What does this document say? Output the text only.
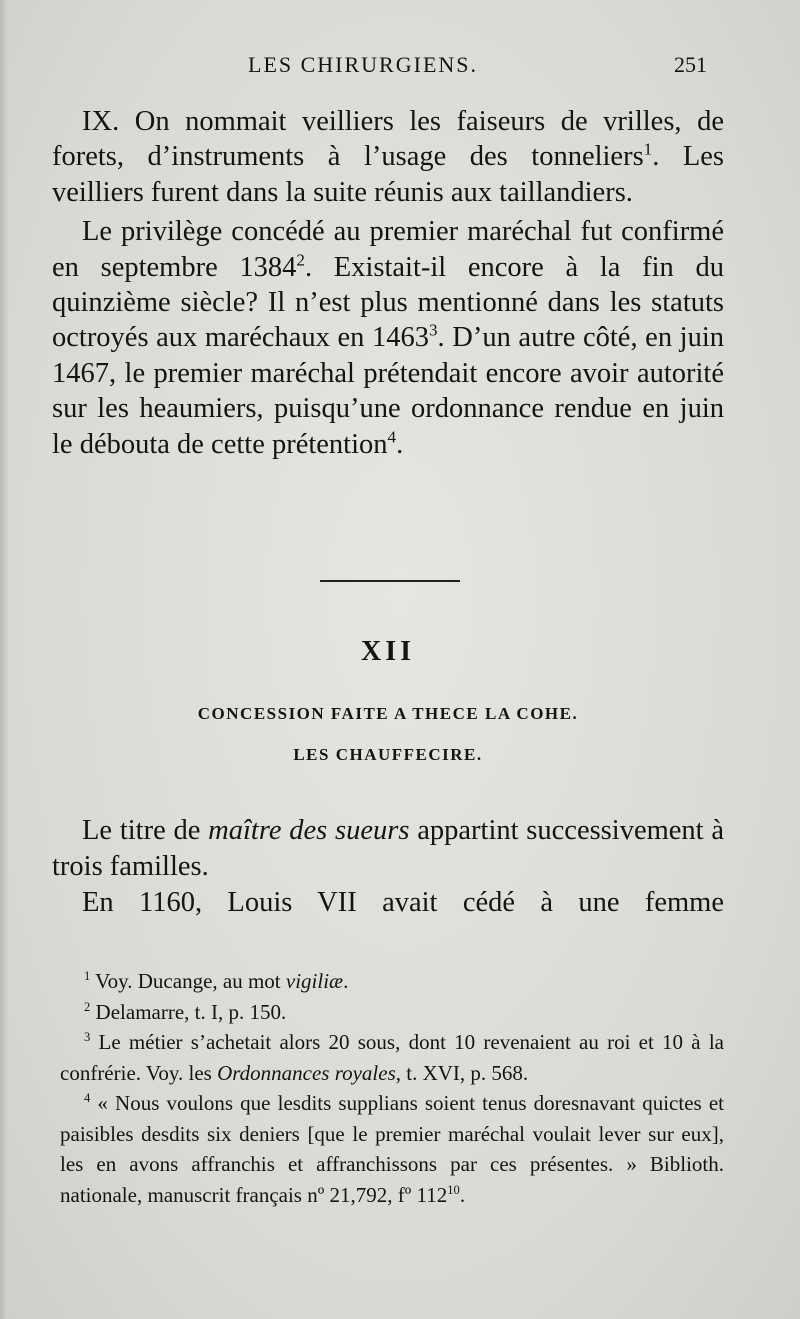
LES CHIRURGIENS.	251

IX. On nommait veilliers les faiseurs de vrilles, de forets, d’instruments à l’usage des tonneliers$^1$. Les veilliers furent dans la suite réunis aux taillandiers.

Le privilège concédé au premier maréchal fut confirmé en septembre 1384$^2$. Existait-il encore à la fin du quinzième siècle? Il n’est plus mentionné dans les statuts octroyés aux maréchaux en 1463$^3$. D’un autre côté, en juin 1467, le premier maréchal prétendait encore avoir autorité sur les heaumiers, puisqu’une ordonnance rendue en juin le débouta de cette prétention$^4$.

XII
CONCESSION FAITE A THECE LA COHE.
LES CHAUFFECIRE.

Le titre de maître des sueurs appartint successivement à trois familles.

En 1160, Louis VII avait cédé à une femme

$^1$ Voy. Ducange, au mot vigiliæ.

$^2$ Delamarre, t. I, p. 150.

$^3$ Le métier s’achetait alors 20 sous, dont 10 revenaient au roi et 10 à la confrérie. Voy. les Ordonnances royales, t. XVI, p. 568.

$^4$ « Nous voulons que lesdits supplians soient tenus doresnavant quictes et paisibles desdits six deniers [que le premier maréchal voulait lever sur eux], les en avons affranchis et affranchissons par ces présentes. » Biblioth. nationale, manuscrit français nº 21,792, fº $112^{10}$.
